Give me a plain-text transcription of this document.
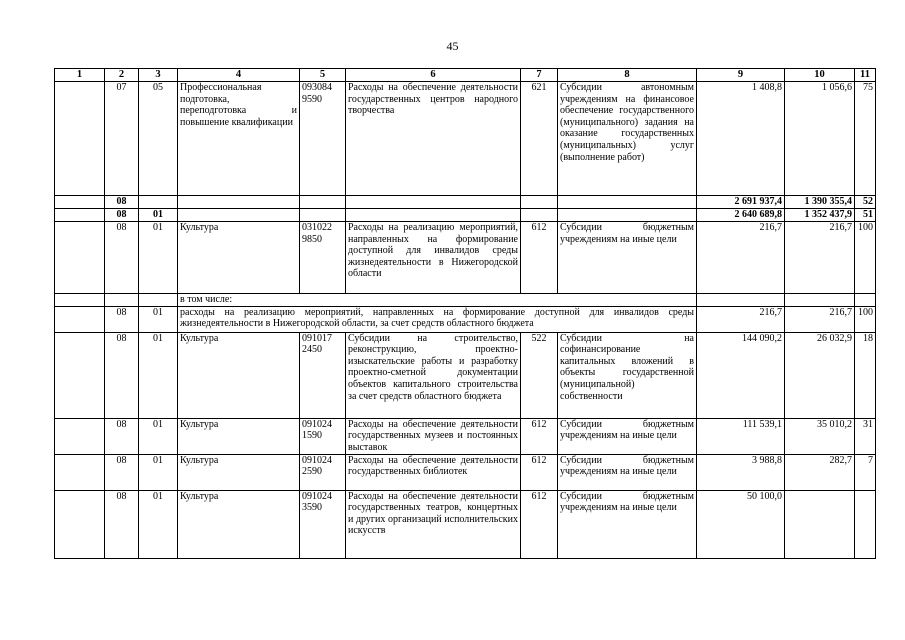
45
1	2	3	4	5	6	7	8	9	10	11
	07	05	Профессиональная подготовка, переподготовка и повышение квалификации	093084 9590	Расходы на обеспечение деятельности государственных центров народного творчества	621	Субсидии автономным учреждениям на финансовое обеспечение государственного (муниципального) задания на оказание государственных (муниципальных) услуг (выполнение работ)	1 408,8	1 056,6	75
	08							2 691 937,4	1 390 355,4	52
	08	01						2 640 689,8	1 352 437,9	51
	08	01	Культура	031022 9850	Расходы на реализацию мероприятий, направленных на формирование доступной для инвалидов среды жизнедеятельности в Нижегородской области	612	Субсидии бюджетным учреждениям на иные цели	216,7	216,7	100
			в том числе:							
	08	01	расходы на реализацию мероприятий, направленных на формирование доступной для инвалидов среды жизнедеятельности в Нижегородской области, за счет средств областного бюджета					216,7	216,7	100
	08	01	Культура	091017 2450	Субсидии на строительство, реконструкцию, проектно-изыскательские работы и разработку проектно-сметной документации объектов капитального строительства за счет средств областного бюджета	522	Субсидии на софинансирование капитальных вложений в объекты государственной (муниципальной) собственности	144 090,2	26 032,9	18
	08	01	Культура	091024 1590	Расходы на обеспечение деятельности государственных музеев и постоянных выставок	612	Субсидии бюджетным учреждениям на иные цели	111 539,1	35 010,2	31
	08	01	Культура	091024 2590	Расходы на обеспечение деятельности государственных библиотек	612	Субсидии бюджетным учреждениям на иные цели	3 988,8	282,7	7
	08	01	Культура	091024 3590	Расходы на обеспечение деятельности государственных театров, концертных и других организаций исполнительских искусств	612	Субсидии бюджетным учреждениям на иные цели	50 100,0		
